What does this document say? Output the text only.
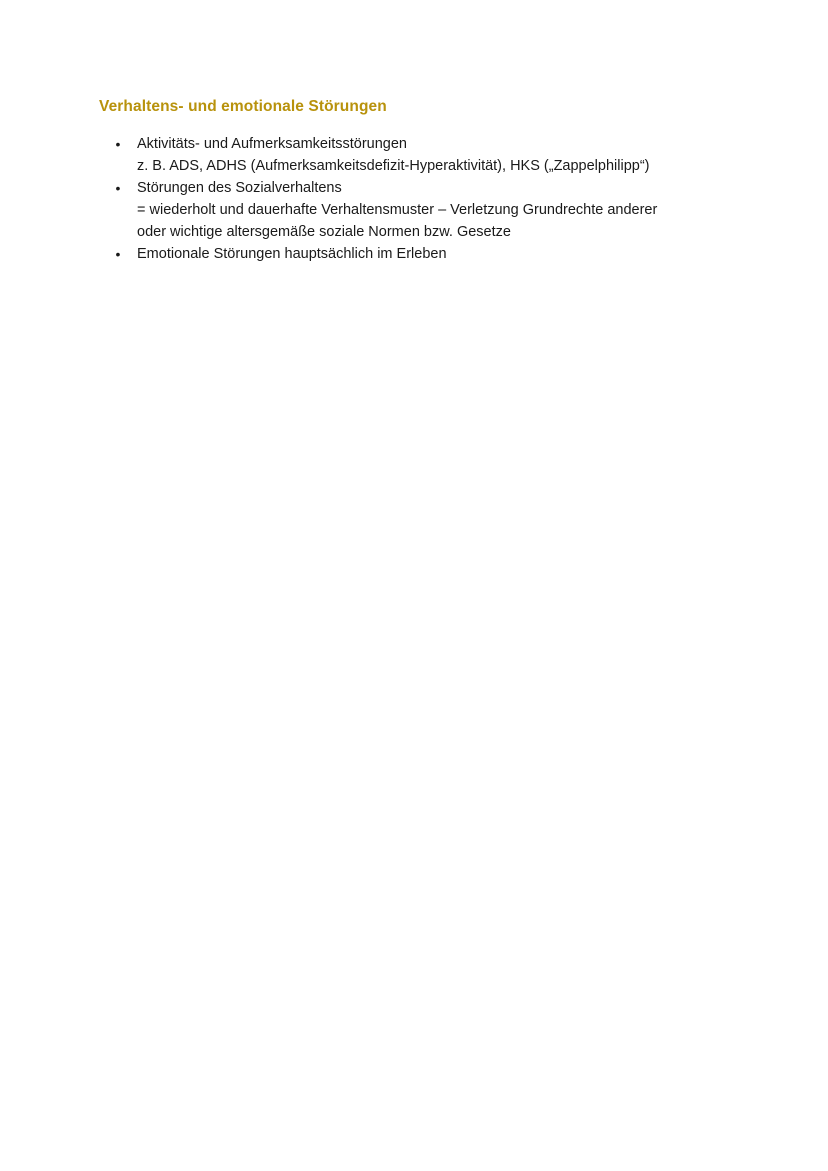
Verhaltens- und emotionale Störungen
• Aktivitäts- und Aufmerksamkeitsstörungen
z. B. ADS, ADHS (Aufmerksamkeitsdefizit-Hyperaktivität), HKS („Zappelphilipp“)
• Störungen des Sozialverhaltens
= wiederholt und dauerhafte Verhaltensmuster – Verletzung Grundrechte anderer
oder wichtige altersgemäße soziale Normen bzw. Gesetze
• Emotionale Störungen hauptsächlich im Erleben
